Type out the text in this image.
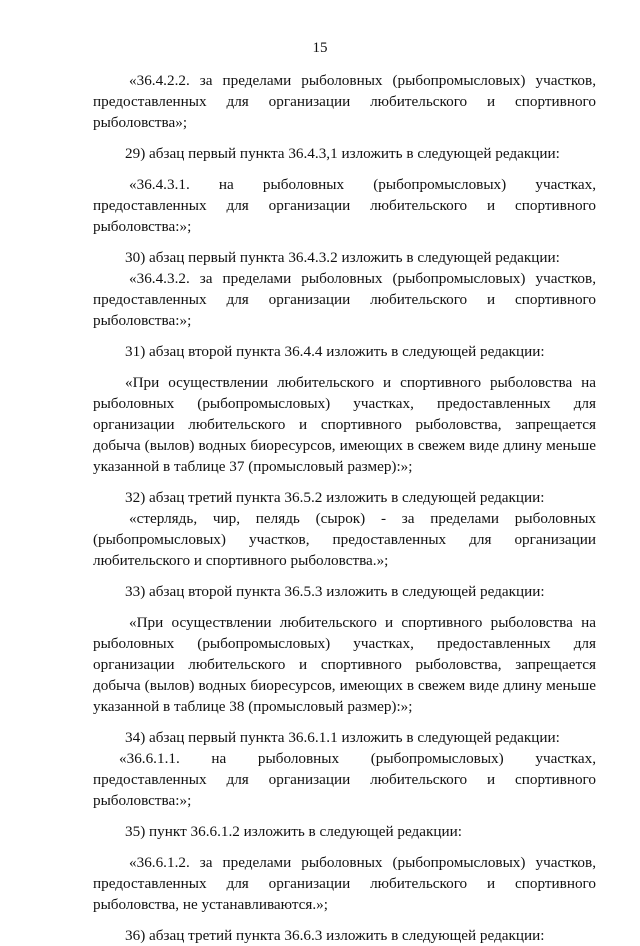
15

«36.4.2.2. за пределами рыболовных (рыбопромысловых) участков, предоставленных для организации любительского и спортивного рыболовства»;

29) абзац первый пункта 36.4.3,1 изложить в следующей редакции:

«36.4.3.1. на рыболовных (рыбопромысловых) участках, предоставленных для организации любительского и спортивного рыболовства:»;

30) абзац первый пункта 36.4.3.2 изложить в следующей редакции:

«36.4.3.2. за пределами рыболовных (рыбопромысловых) участков, предоставленных для организации любительского и спортивного рыболовства:»;

31) абзац второй пункта 36.4.4 изложить в следующей редакции:

«При осуществлении любительского и спортивного рыболовства на рыболовных (рыбопромысловых) участках, предоставленных для организации любительского и спортивного рыболовства, запрещается добыча (вылов) водных биоресурсов, имеющих в свежем виде длину меньше указанной в таблице 37 (промысловый размер):»;

32) абзац третий пункта 36.5.2 изложить в следующей редакции:

«стерлядь, чир, пелядь (сырок) - за пределами рыболовных (рыбопромысловых) участков, предоставленных для организации любительского и спортивного рыболовства.»;

33) абзац второй пункта 36.5.3 изложить в следующей редакции:

«При осуществлении любительского и спортивного рыболовства на рыболовных (рыбопромысловых) участках, предоставленных для организации любительского и спортивного рыболовства, запрещается добыча (вылов) водных биоресурсов, имеющих в свежем виде длину меньше указанной в таблице 38 (промысловый размер):»;

34) абзац первый пункта 36.6.1.1 изложить в следующей редакции:

«36.6.1.1. на рыболовных (рыбопромысловых) участках, предоставленных для организации любительского и спортивного рыболовства:»;

35) пункт 36.6.1.2 изложить в следующей редакции:

«36.6.1.2. за пределами рыболовных (рыбопромысловых) участков, предоставленных для организации любительского и спортивного рыболовства, не устанавливаются.»;

36) абзац третий пункта 36.6.3 изложить в следующей редакции:
